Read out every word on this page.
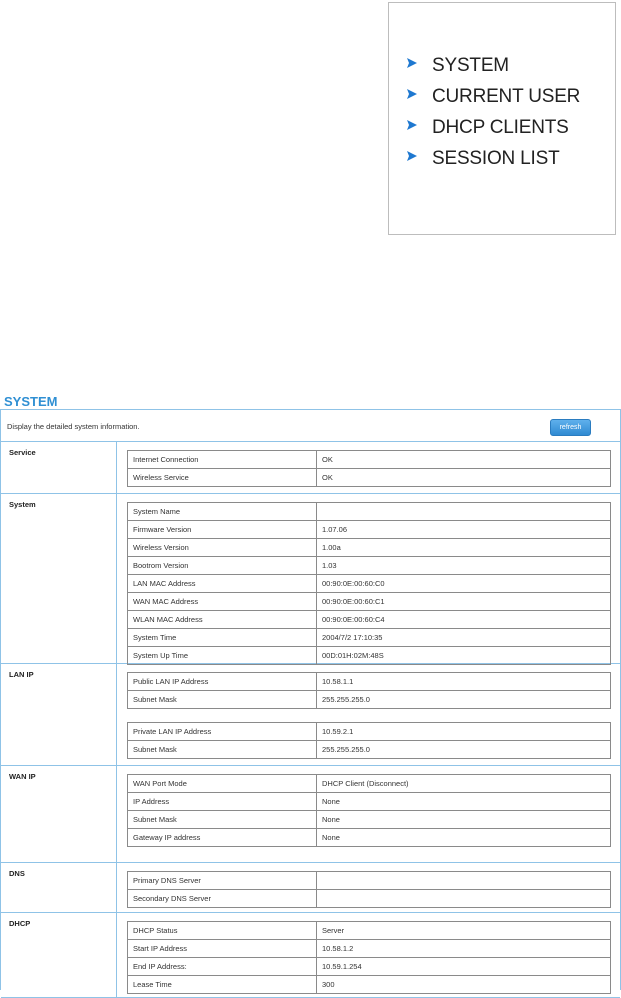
SYSTEM
CURRENT USER
DHCP CLIENTS
SESSION LIST
SYSTEM
Display the detailed system information.	refresh
Service
Internet Connection	OK
Wireless Service	OK
System
System Name	
Firmware Version	1.07.06
Wireless Version	1.00a
Bootrom Version	1.03
LAN MAC Address	00:90:0E:00:60:C0
WAN MAC Address	00:90:0E:00:60:C1
WLAN MAC Address	00:90:0E:00:60:C4
System Time	2004/7/2 17:10:35
System Up Time	00D:01H:02M:48S
LAN IP
Public LAN IP Address	10.58.1.1
Subnet Mask	255.255.255.0
Private LAN IP Address	10.59.2.1
Subnet Mask	255.255.255.0
WAN IP
WAN Port Mode	DHCP Client (Disconnect)
IP Address	None
Subnet Mask	None
Gateway IP address	None
DNS
Primary DNS Server	
Secondary DNS Server	
DHCP
DHCP Status	Server
Start IP Address	10.58.1.2
End IP Address:	10.59.1.254
Lease Time	300
